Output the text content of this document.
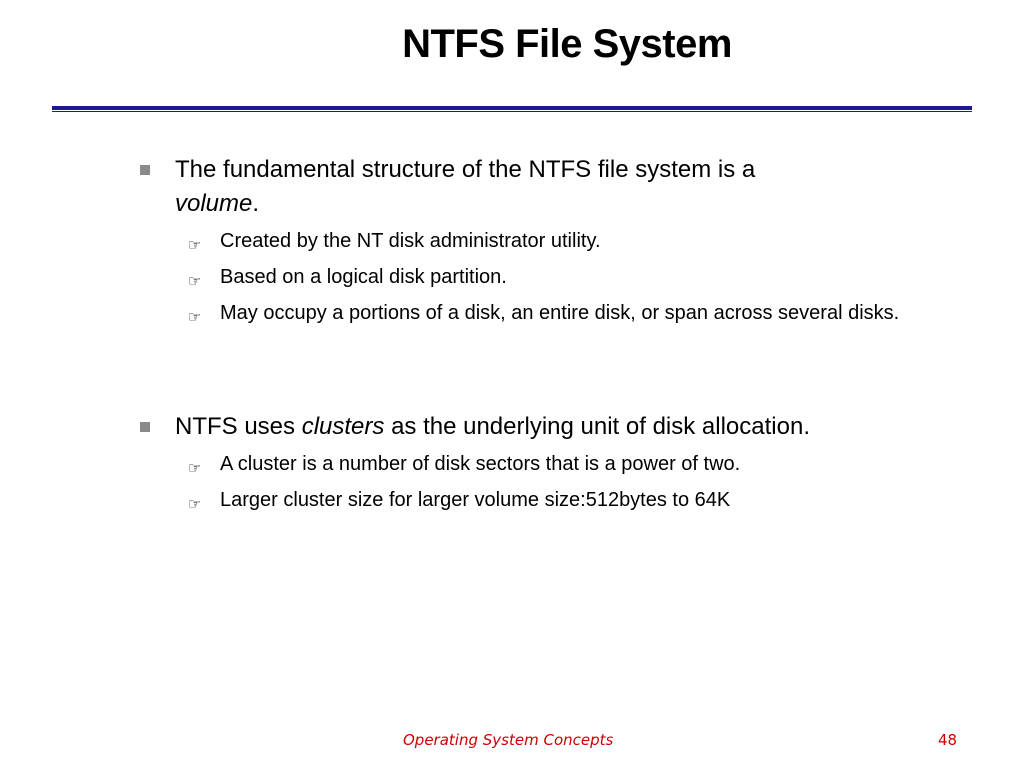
NTFS File System
The fundamental structure of the NTFS file system is a
volume.
☞ Created by the NT disk administrator utility.
☞ Based on a logical disk partition.
☞ May occupy a portions of a disk, an entire disk, or span across several disks.
NTFS uses clusters as the underlying unit of disk allocation.
☞ A cluster is a number of disk sectors that is a power of two.
☞ Larger cluster size for larger volume size:512bytes to 64K
Operating System Concepts	48
